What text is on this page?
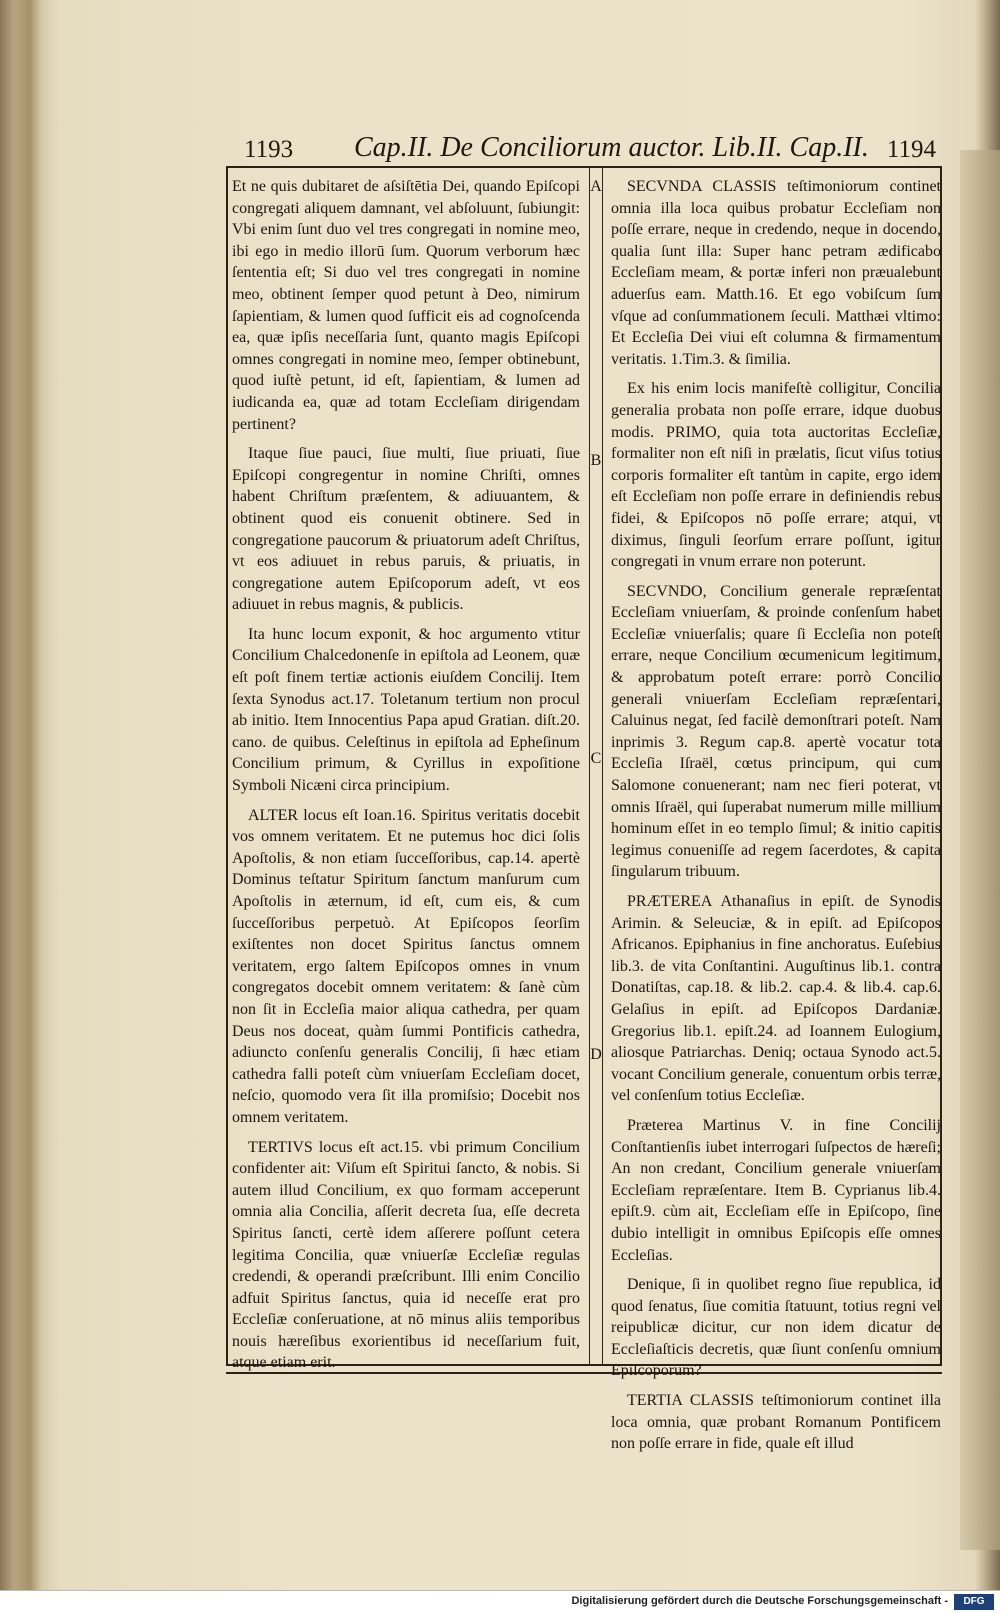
1193 Cap.II. De Conciliorum auctor. Lib.II. Cap.II. 1194
A
B
C
D

Et ne quis dubitaret de aſsiſtētia Dei, quando Epiſcopi congregati aliquem damnant, vel abſoluunt, ſubiungit: Vbi enim ſunt duo vel tres congregati in nomine meo, ibi ego in medio illorū ſum. Quorum verborum hæc ſententia eſt; Si duo vel tres congregati in nomine meo, obtinent ſemper quod petunt à Deo, nimirum ſapientiam, & lumen quod ſufficit eis ad cognoſcenda ea, quæ ipſis neceſſaria ſunt, quanto magis Epiſcopi omnes congregati in nomine meo, ſemper obtinebunt, quod iuſtè petunt, id eſt, ſapientiam, & lumen ad iudicanda ea, quæ ad totam Eccleſiam dirigendam pertinent?

Itaque ſiue pauci, ſiue multi, ſiue priuati, ſiue Epiſcopi congregentur in nomine Chriſti, omnes habent Chriſtum præſentem, & adiuuantem, & obtinent quod eis conuenit obtinere. Sed in congregatione paucorum & priuatorum adeſt Chriſtus, vt eos adiuuet in rebus paruis, & priuatis, in congregatione autem Epiſcoporum adeſt, vt eos adiuuet in rebus magnis, & publicis.

Ita hunc locum exponit, & hoc argumento vtitur Concilium Chalcedonenſe in epiſtola ad Leonem, quæ eſt poſt finem tertiæ actionis eiuſdem Concilij. Item ſexta Synodus act.17. Toletanum tertium non procul ab initio. Item Innocentius Papa apud Gratian. diſt.20. cano. de quibus. Celeſtinus in epiſtola ad Epheſinum Concilium primum, & Cyrillus in expoſitione Symboli Nicæni circa principium.

ALTER locus eſt Ioan.16. Spiritus veritatis docebit vos omnem veritatem. Et ne putemus hoc dici ſolis Apoſtolis, & non etiam ſucceſſoribus, cap.14. apertè Dominus teſtatur Spiritum ſanctum manſurum cum Apoſtolis in æternum, id eſt, cum eis, & cum ſucceſſoribus perpetuò. At Epiſcopos ſeorſim exiſtentes non docet Spiritus ſanctus omnem veritatem, ergo ſaltem Epiſcopos omnes in vnum congregatos docebit omnem veritatem: & ſanè cùm non ſit in Eccleſia maior aliqua cathedra, per quam Deus nos doceat, quàm ſummi Pontificis cathedra, adiuncto conſenſu generalis Concilij, ſi hæc etiam cathedra falli poteſt cùm vniuerſam Eccleſiam docet, neſcio, quomodo vera ſit illa promiſsio; Docebit nos omnem veritatem.

TERTIVS locus eſt act.15. vbi primum Concilium confidenter ait: Viſum eſt Spiritui ſancto, & nobis. Si autem illud Concilium, ex quo formam acceperunt omnia alia Concilia, aſſerit decreta ſua, eſſe decreta Spiritus ſancti, certè idem aſſerere poſſunt cetera legitima Concilia, quæ vniuerſæ Eccleſiæ regulas credendi, & operandi præſcribunt. Illi enim Concilio adfuit Spiritus ſanctus, quia id neceſſe erat pro Eccleſiæ conſeruatione, at nō minus aliis temporibus nouis hæreſibus exorientibus id neceſſarium fuit, atque etiam erit.

SECVNDA CLASSIS teſtimoniorum continet omnia illa loca quibus probatur Eccleſiam non poſſe errare, neque in credendo, neque in docendo, qualia ſunt illa: Super hanc petram ædificabo Eccleſiam meam, & portæ inferi non præualebunt aduerſus eam. Matth.16. Et ego vobiſcum ſum vſque ad conſummationem ſeculi. Matthæi vltimo: Et Eccleſia Dei viui eſt columna & firmamentum veritatis. 1.Tim.3. & ſimilia.

Ex his enim locis manifeſtè colligitur, Concilia generalia probata non poſſe errare, idque duobus modis. PRIMO, quia tota auctoritas Eccleſiæ, formaliter non eſt niſi in prælatis, ſicut viſus totius corporis formaliter eſt tantùm in capite, ergo idem eſt Eccleſiam non poſſe errare in definiendis rebus fidei, & Epiſcopos nō poſſe errare; atqui, vt diximus, ſinguli ſeorſum errare poſſunt, igitur congregati in vnum errare non poterunt.

SECVNDO, Concilium generale repræſentat Eccleſiam vniuerſam, & proinde conſenſum habet Eccleſiæ vniuerſalis; quare ſi Eccleſia non poteſt errare, neque Concilium œcumenicum legitimum, & approbatum poteſt errare: porrò Concilio generali vniuerſam Eccleſiam repræſentari, Caluinus negat, ſed facilè demonſtrari poteſt. Nam inprimis 3. Regum cap.8. apertè vocatur tota Eccleſia Iſraël, cœtus principum, qui cum Salomone conuenerant; nam nec fieri poterat, vt omnis Iſraël, qui ſuperabat numerum mille millium hominum eſſet in eo templo ſimul; & initio capitis legimus conueniſſe ad regem ſacerdotes, & capita ſingularum tribuum.

PRÆTEREA Athanaſius in epiſt. de Synodis Arimin. & Seleuciæ, & in epiſt. ad Epiſcopos Africanos. Epiphanius in fine anchoratus. Euſebius lib.3. de vita Conſtantini. Auguſtinus lib.1. contra Donatiſtas, cap.18. & lib.2. cap.4. & lib.4. cap.6. Gelaſius in epiſt. ad Epiſcopos Dardaniæ. Gregorius lib.1. epiſt.24. ad Ioannem Eulogium, aliosque Patriarchas. Deniq; octaua Synodo act.5. vocant Concilium generale, conuentum orbis terræ, vel conſenſum totius Eccleſiæ.

Præterea Martinus V. in fine Concilij Conſtantienſis iubet interrogari ſuſpectos de hæreſi; An non credant, Concilium generale vniuerſam Eccleſiam repræſentare. Item B. Cyprianus lib.4. epiſt.9. cùm ait, Eccleſiam eſſe in Epiſcopo, ſine dubio intelligit in omnibus Epiſcopis eſſe omnes Eccleſias.

Denique, ſi in quolibet regno ſiue republica, id quod ſenatus, ſiue comitia ſtatuunt, totius regni vel reipublicæ dicitur, cur non idem dicatur de Eccleſiaſticis decretis, quæ ſiunt conſenſu omnium Epiſcoporum?

TERTIA CLASSIS teſtimoniorum continet illa loca omnia, quæ probant Romanum Pontificem non poſſe errare in fide, quale eſt illud

Digitalisierung gefördert durch die Deutsche Forschungsgemeinschaft -	DFG
